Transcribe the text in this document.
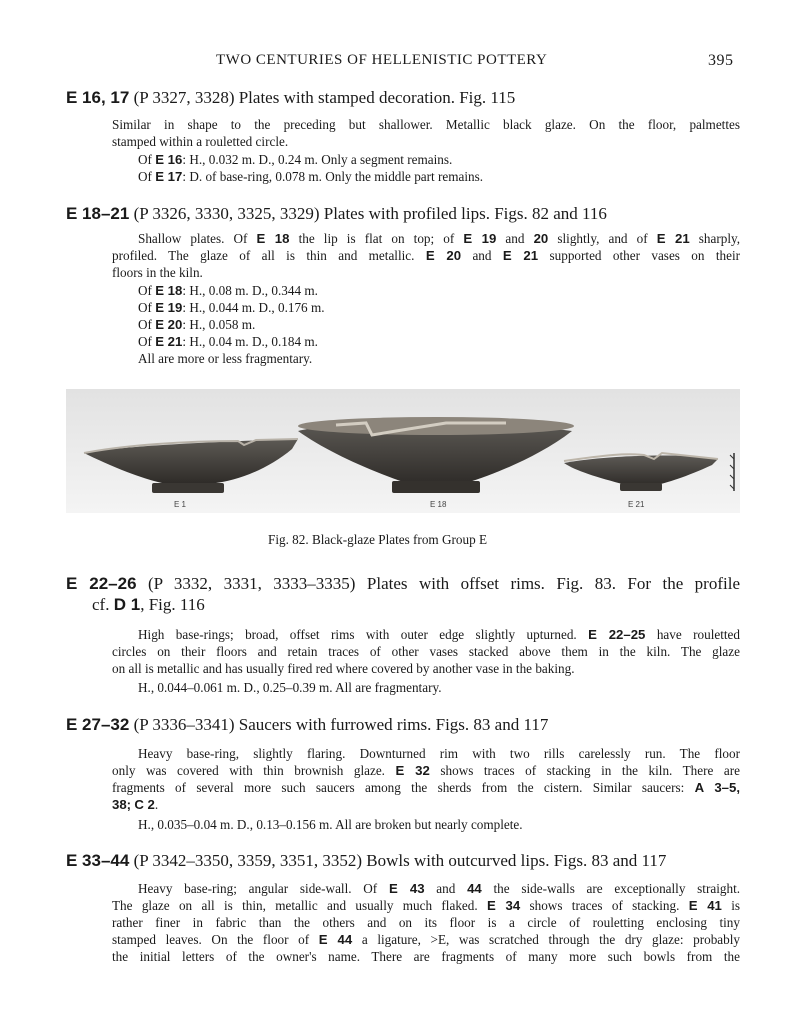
TWO CENTURIES OF HELLENISTIC POTTERY	395
E 16, 17 (P 3327, 3328) Plates with stamped decoration. Fig. 115
Similar in shape to the preceding but shallower. Metallic black glaze. On the floor, palmettes
stamped within a rouletted circle.
Of E 16: H., 0.032 m. D., 0.24 m. Only a segment remains.
Of E 17: D. of base-ring, 0.078 m. Only the middle part remains.
E 18–21 (P 3326, 3330, 3325, 3329) Plates with profiled lips. Figs. 82 and 116
Shallow plates. Of E 18 the lip is flat on top; of E 19 and 20 slightly, and of E 21 sharply,
profiled. The glaze of all is thin and metallic. E 20 and E 21 supported other vases on their
floors in the kiln.
Of E 18: H., 0.08 m. D., 0.344 m.
Of E 19: H., 0.044 m. D., 0.176 m.
Of E 20: H., 0.058 m.
Of E 21: H., 0.04 m. D., 0.184 m.
All are more or less fragmentary.
E 1	E 18	E 21
Fig. 82. Black-glaze Plates from Group E
E 22–26 (P 3332, 3331, 3333–3335) Plates with offset rims. Fig. 83. For the profile
cf. D 1, Fig. 116
High base-rings; broad, offset rims with outer edge slightly upturned. E 22–25 have rouletted
circles on their floors and retain traces of other vases stacked above them in the kiln. The glaze
on all is metallic and has usually fired red where covered by another vase in the baking.
H., 0.044–0.061 m. D., 0.25–0.39 m. All are fragmentary.
E 27–32 (P 3336–3341) Saucers with furrowed rims. Figs. 83 and 117
Heavy base-ring, slightly flaring. Downturned rim with two rills carelessly run. The floor
only was covered with thin brownish glaze. E 32 shows traces of stacking in the kiln. There are
fragments of several more such saucers among the sherds from the cistern. Similar saucers: A 3–5,
38; C 2.
H., 0.035–0.04 m. D., 0.13–0.156 m. All are broken but nearly complete.
E 33–44 (P 3342–3350, 3359, 3351, 3352) Bowls with outcurved lips. Figs. 83 and 117
Heavy base-ring; angular side-wall. Of E 43 and 44 the side-walls are exceptionally straight.
The glaze on all is thin, metallic and usually much flaked. E 34 shows traces of stacking. E 41 is
rather finer in fabric than the others and on its floor is a circle of rouletting enclosing tiny
stamped leaves. On the floor of E 44 a ligature, >E, was scratched through the dry glaze: probably
the initial letters of the owner's name. There are fragments of many more such bowls from the
